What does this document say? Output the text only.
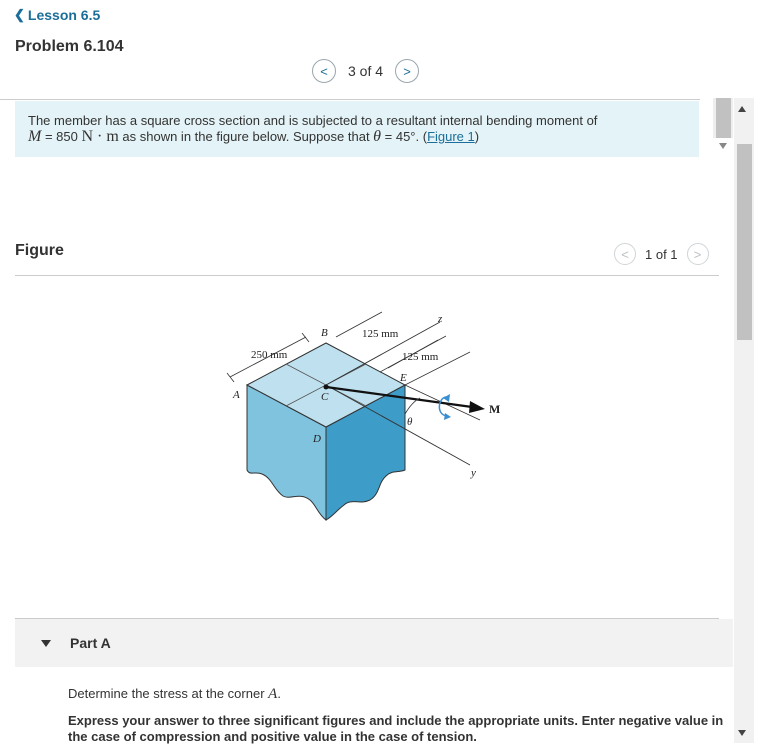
❮ Lesson 6.5
Problem 6.104
< 3 of 4 >
The member has a square cross section and is subjected to a resultant internal bending moment of
M = 850 N · m as shown in the figure below. Suppose that θ = 45°. (Figure 1)
Figure	< 1 of 1 >
250 mm
125 mm
125 mm
A
B
C
D
E
M
z
y
θ
Part A
Determine the stress at the corner A.
Express your answer to three significant figures and include the appropriate units. Enter negative value in the case of compression and positive value in the case of tension.
